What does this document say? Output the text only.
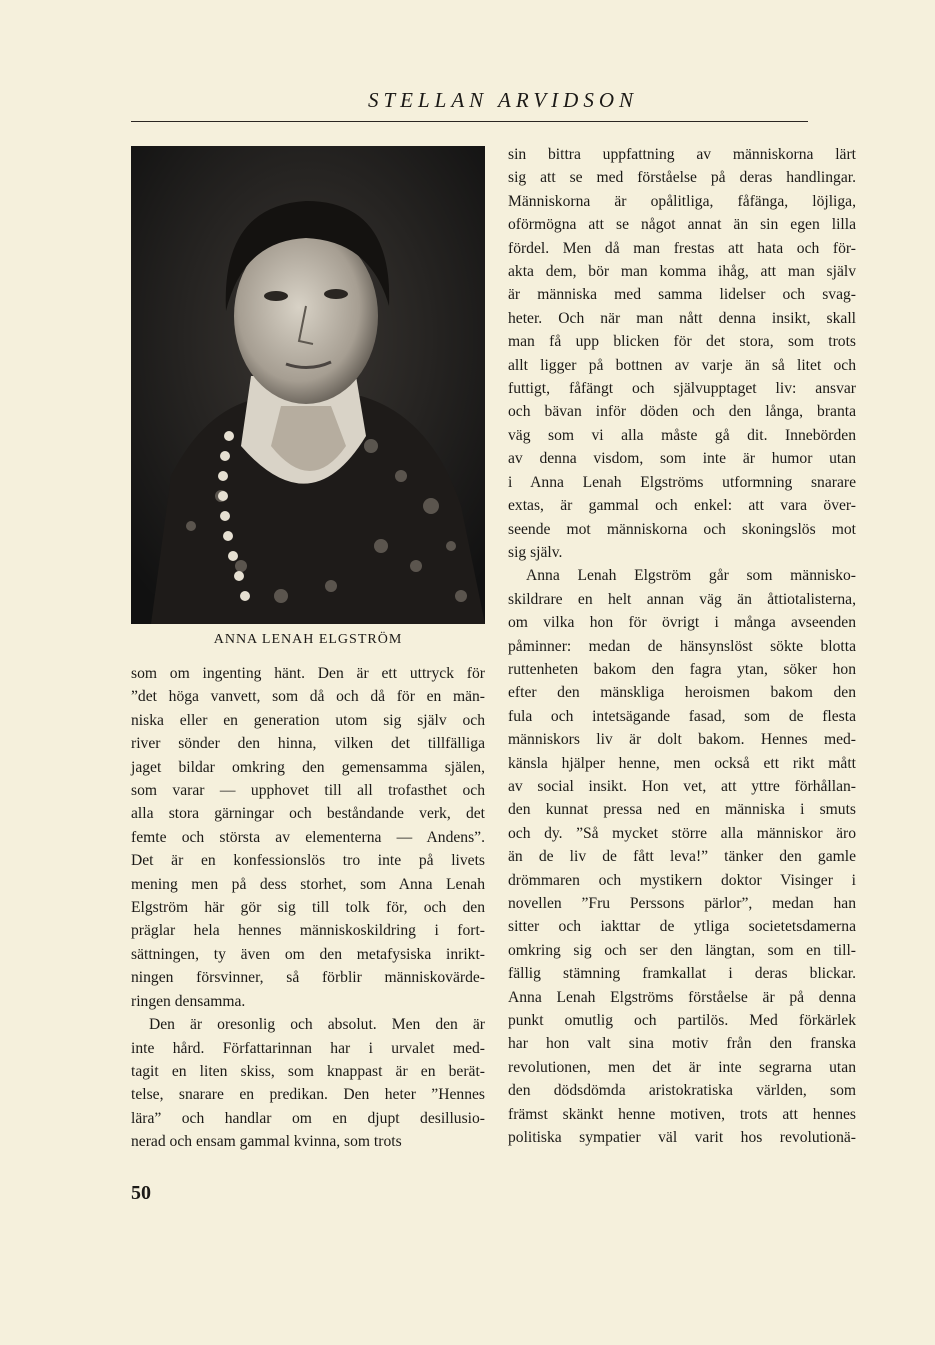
STELLAN ARVIDSON
ANNA LENAH ELGSTRÖM
som om ingenting hänt. Den är ett uttryck för
”det höga vanvett, som då och då för en män-
niska eller en generation utom sig själv och
river sönder den hinna, vilken det tillfälliga
jaget bildar omkring den gemensamma själen,
som varar — upphovet till all trofasthet och
alla stora gärningar och beståndande verk, det
femte och största av elementerna — Andens”.
Det är en konfessionslös tro inte på livets
mening men på dess storhet, som Anna Lenah
Elgström här gör sig till tolk för, och den
präglar hela hennes människoskildring i fort-
sättningen, ty även om den metafysiska inrikt-
ningen försvinner, så förblir människovärde-
ringen densamma.
Den är oresonlig och absolut. Men den är
inte hård. Författarinnan har i urvalet med-
tagit en liten skiss, som knappast är en berät-
telse, snarare en predikan. Den heter ”Hennes
lära” och handlar om en djupt desillusio-
nerad och ensam gammal kvinna, som trots
sin bittra uppfattning av människorna lärt
sig att se med förståelse på deras handlingar.
Människorna är opålitliga, fåfänga, löjliga,
oförmögna att se något annat än sin egen lilla
fördel. Men då man frestas att hata och för-
akta dem, bör man komma ihåg, att man själv
är människa med samma lidelser och svag-
heter. Och när man nått denna insikt, skall
man få upp blicken för det stora, som trots
allt ligger på bottnen av varje än så litet och
futtigt, fåfängt och självupptaget liv: ansvar
och bävan inför döden och den långa, branta
väg som vi alla måste gå dit. Innebörden
av denna visdom, som inte är humor utan
i Anna Lenah Elgströms utformning snarare
extas, är gammal och enkel: att vara över-
seende mot människorna och skoningslös mot
sig själv.
Anna Lenah Elgström går som människo-
skildrare en helt annan väg än åttiotalisterna,
om vilka hon för övrigt i många avseenden
påminner: medan de hänsynslöst sökte blotta
ruttenheten bakom den fagra ytan, söker hon
efter den mänskliga heroismen bakom den
fula och intetsägande fasad, som de flesta
människors liv är dolt bakom. Hennes med-
känsla hjälper henne, men också ett rikt mått
av social insikt. Hon vet, att yttre förhållan-
den kunnat pressa ned en människa i smuts
och dy. ”Så mycket större alla människor äro
än de liv de fått leva!” tänker den gamle
drömmaren och mystikern doktor Visinger i
novellen ”Fru Perssons pärlor”, medan han
sitter och iakttar de ytliga societetsdamerna
omkring sig och ser den längtan, som en till-
fällig stämning framkallat i deras blickar.
Anna Lenah Elgströms förståelse är på denna
punkt omutlig och partilös. Med förkärlek
har hon valt sina motiv från den franska
revolutionen, men det är inte segrarna utan
den dödsdömda aristokratiska världen, som
främst skänkt henne motiven, trots att hennes
politiska sympatier väl varit hos revolutionä-
50
